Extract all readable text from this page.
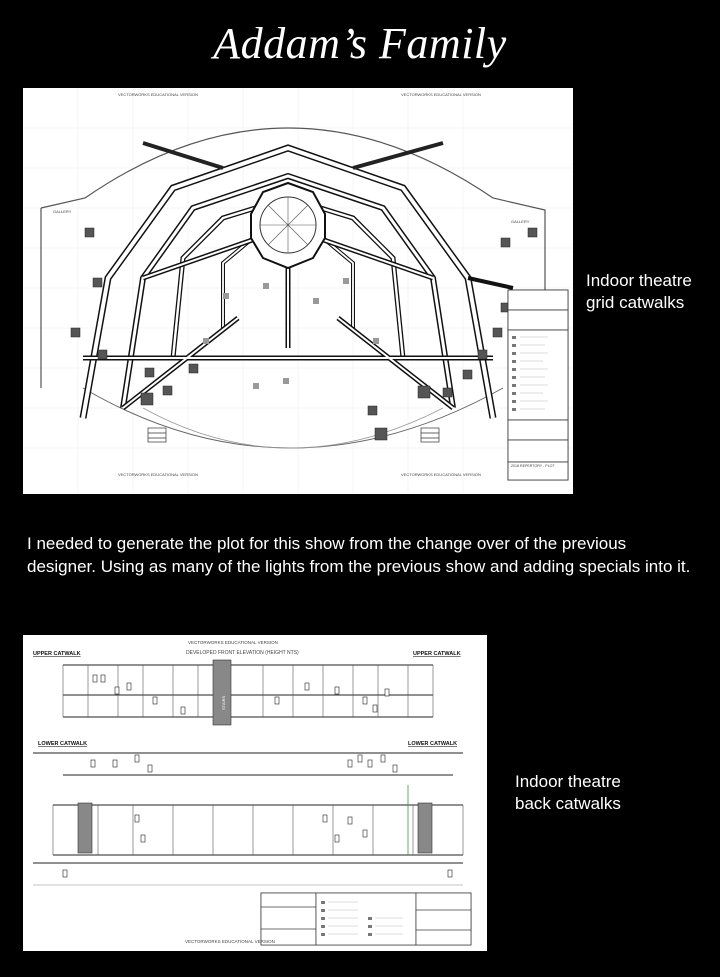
Addam’s Family
VECTORWORKS EDUCATIONAL VERSION	VECTORWORKS EDUCATIONAL VERSION
VECTORWORKS EDUCATIONAL VERSION	VECTORWORKS EDUCATIONAL VERSION
GALLERY
GALLERY
2018 REPERTORY - PLOT
Indoor theatre
grid catwalks
I needed to generate the plot for this show from the change over of the previous designer. Using as many of the lights from the previous show and adding specials into it.
VECTORWORKS EDUCATIONAL VERSION
DEVELOPED FRONT ELEVATION (HEIGHT NTS)
UPPER CATWALK	UPPER CATWALK
STAIRS
LOWER CATWALK	LOWER CATWALK
VECTORWORKS EDUCATIONAL VERSION
Indoor theatre
back catwalks
